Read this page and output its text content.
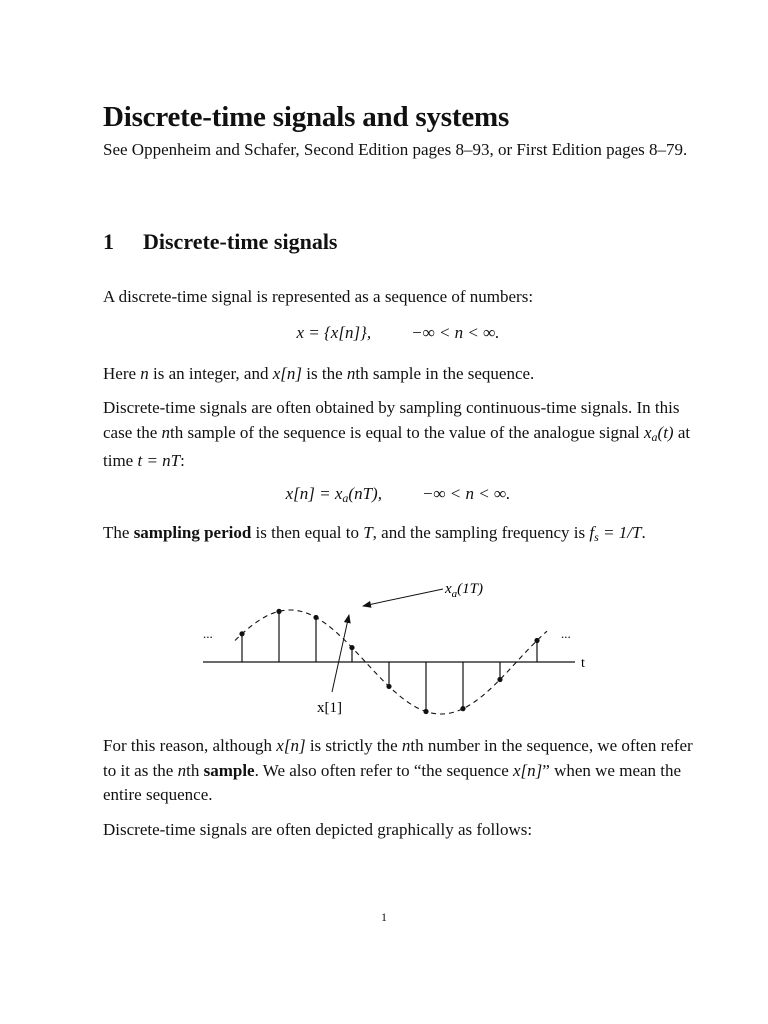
Discrete-time signals and systems

See Oppenheim and Schafer, Second Edition pages 8–93, or First Edition pages 8–79.

1 Discrete-time signals

A discrete-time signal is represented as a sequence of numbers:

x = {x[n]}, −∞ < n < ∞.

Here n is an integer, and x[n] is the nth sample in the sequence.

Discrete-time signals are often obtained by sampling continuous-time signals. In this case the nth sample of the sequence is equal to the value of the analogue signal $x_a(t)$ at time t = nT:

$x[n] = x_a(nT)$, −∞ < n < ∞.

The sampling period is then equal to T, and the sampling frequency is $f_s = 1/T$.

For this reason, although x[n] is strictly the nth number in the sequence, we often refer to it as the nth sample. We also often refer to “the sequence x[n]” when we mean the entire sequence.

Discrete-time signals are often depicted graphically as follows:

$x_a(1T)$
x[1]
t
...	...
1
